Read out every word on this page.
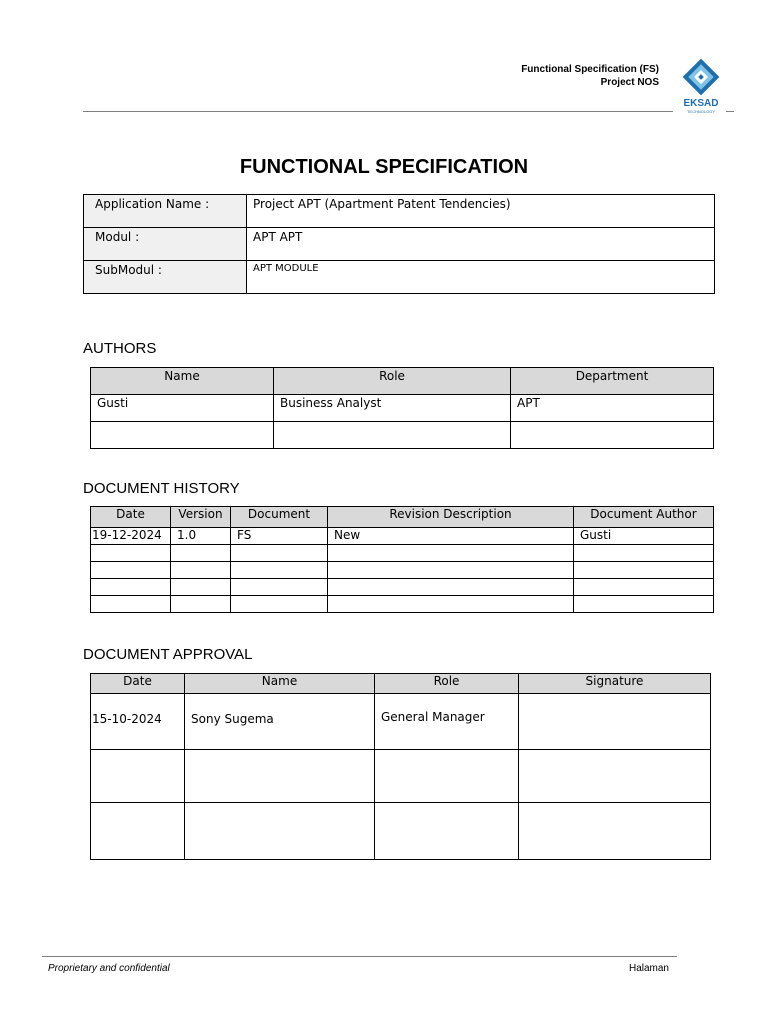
Functional Specification (FS)
Project NOS
EKSAD
TECHNOLOGY
FUNCTIONAL SPECIFICATION
Application Name :	Project APT (Apartment Patent Tendencies)
Modul :	APT APT
SubModul :	APT MODULE
AUTHORS
Name	Role	Department
Gusti	Business Analyst	APT

DOCUMENT HISTORY
Date	Version	Document	Revision Description	Document Author
19-12-2024	1.0	FS	New	Gusti

DOCUMENT APPROVAL
Date	Name	Role	Signature
15-10-2024	Sony Sugema	General Manager	

Proprietary and confidential	Halaman
